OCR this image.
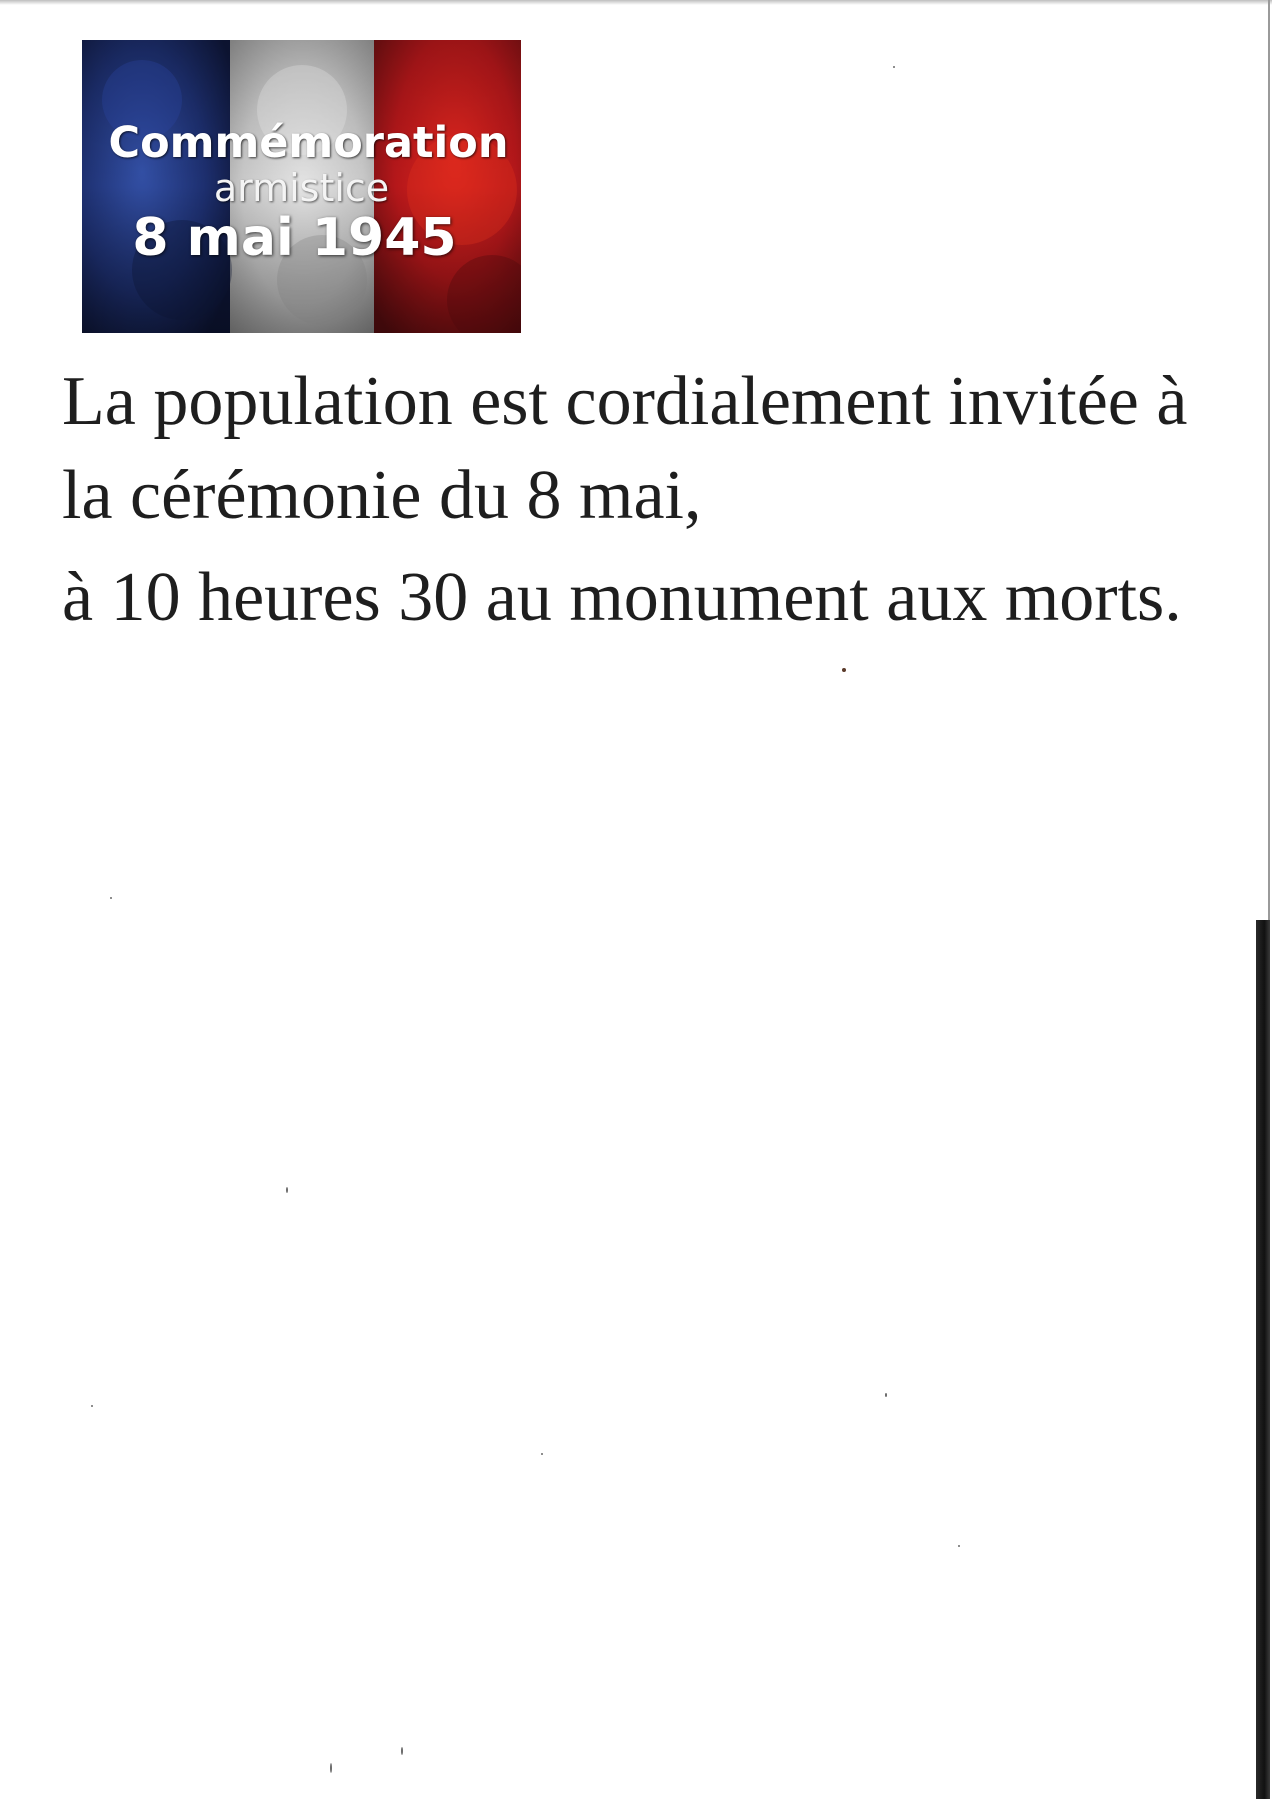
Commémoration
armistice
8 mai 1945

La population est cordialement invitée à la cérémonie du 8 mai,

à 10 heures 30 au monument aux morts.
